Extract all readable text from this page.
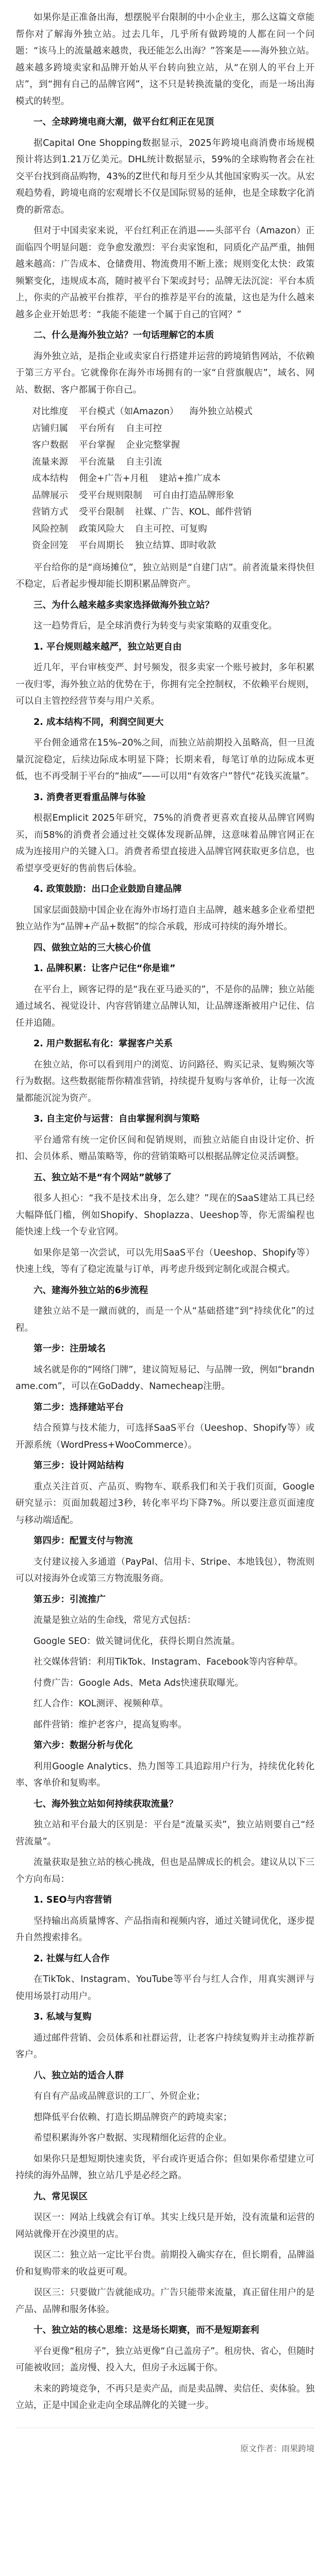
如果你是正准备出海，想摆脱平台限制的中小企业主，那么这篇文章能帮你对了解海外独立站。过去几年，几乎所有做跨境的人都在问一个问题：“该马上的流量越来越贵，我还能怎么出海？”答案是——海外独立站。越来越多跨境卖家和品牌开始从平台转向独立站，从“在别人的平台上开店”，到“拥有自己的品牌官网”，这不只是转换流量的变化，而是一场出海模式的转型。

一、全球跨境电商大潮，做平台红利正在见顶

据Capital One Shopping数据显示，2025年跨境电商消费市场规模预计将达到1.21万亿美元。DHL统计数据显示，59%的全球购物者会在社交平台找到商品购物，43%的Z世代和每月至少从其他国家购买一次。从宏观趋势看，跨境电商的宏观增长不仅是国际贸易的延伸，也是全球数字化消费的新常态。

但对于中国卖家来说，平台红利正在消退——头部平台（Amazon）正面临四个明显问题：竞争愈发激烈：平台卖家饱和，同质化产品严重，抽佣越来越高：广告成本、仓储费用、物流费用不断上涨；规则变化太快：政策频繁变化，违规成本高，随时被平台下架或封号；品牌无法沉淀：平台本质上，你卖的产品被平台推荐，平台的推荐是平台的流量，这也是为什么越来越多企业开始思考：“我能不能建一个属于自己的官网？”

二、什么是海外独立站？一句话理解它的本质

海外独立站，是指企业或卖家自行搭建并运营的跨境销售网站，不依赖于第三方平台。它就像你在海外市场拥有的一家“自营旗舰店”，域名、网站、数据、客户都属于你自己。

对比维度 平台模式（如Amazon） 海外独立站模式
店铺归属 平台所有 自主可控
客户数据 平台掌握 企业完整掌握
流量来源 平台流量 自主引流
成本结构 佣金+广告+月租 建站+推广成本
品牌展示 受平台规则限制 可自由打造品牌形象
营销方式 受平台限制 社媒、广告、KOL、邮件营销
风险控制 政策风险大 自主可控、可复购
资金回笼 平台周期长 独立结算、即时收款

平台给你的是“商场摊位”，独立站则是“自建门店”。前者流量来得快但不稳定，后者起步慢却能长期积累品牌资产。

三、为什么越来越多卖家选择做海外独立站？

这一趋势背后，是全球消费行为转变与卖家策略的双重变化。

1. 平台规则越来越严，独立站更自由

近几年，平台审核变严、封号频发，很多卖家一个账号被封，多年积累一夜归零，海外独立站的优势在于，你拥有完全控制权，不依赖平台规则，可以自主管控经营节奏与用户关系。

2. 成本结构不同，利润空间更大

平台佣金通常在15%–20%之间，而独立站前期投入虽略高，但一旦流量沉淀稳定，后续边际成本明显下降；长期来看，每笔订单的边际成本更低，也不再受制于平台的“抽成”——可以用“有效客户”替代“花钱买流量”。

3. 消费者更看重品牌与体验

根据Emplicit 2025年研究，75%的消费者更喜欢直接从品牌官网购买，而58%的消费者会通过社交媒体发现新品牌，这意味着品牌官网正在成为连接用户的关键入口。消费者希望直接进入品牌官网获取更多信息，也希望享受更好的售前售后体验。

4. 政策鼓励：出口企业鼓励自建品牌

国家层面鼓励中国企业在海外市场打造自主品牌，越来越多企业希望把独立站作为“品牌+产品+数据”的综合承载，形成可持续的海外增长。

四、做独立站的三大核心价值

1. 品牌积累：让客户记住“你是谁”

在平台上，顾客记得的是“我在亚马逊买的”，不是你的品牌；独立站能通过域名、视觉设计、内容营销建立品牌认知，让品牌逐渐被用户记住、信任并追随。

2. 用户数据私有化：掌握客户关系

在独立站，你可以看到用户的浏览、访问路径、购买记录、复购频次等行为数据。这些数据能帮你精准营销，持续提升复购与客单价，让每一次流量都能沉淀为资产。

3. 自主定价与运营：自由掌握利润与策略

平台通常有统一定价区间和促销规则，而独立站能自由设计定价、折扣、会员体系、赠品策略等，你的营销策略可以根据品牌定位灵活调整。

五、独立站不是“有个网站”就够了

很多人担心：“我不是技术出身，怎么建？”现在的SaaS建站工具已经大幅降低门槛，例如Shopify、Shoplazza、Ueeshop等，你无需编程也能快速上线一个专业官网。

如果你是第一次尝试，可以先用SaaS平台（Ueeshop、Shopify等）快速上线，等有了稳定流量与订单，再考虑升级到定制化或混合模式。

六、建海外独立站的6步流程

建独立站不是一蹴而就的，而是一个从“基础搭建”到“持续优化”的过程。

第一步：注册域名

域名就是你的“网络门牌”，建议简短易记、与品牌一致，例如“brandname.com”，可以在GoDaddy、Namecheap注册。

第二步：选择建站平台

结合预算与技术能力，可选择SaaS平台（Ueeshop、Shopify等）或开源系统（WordPress+WooCommerce）。

第三步：设计网站结构

重点关注首页、产品页、购物车、联系我们和关于我们页面，Google研究显示：页面加载超过3秒，转化率平均下降7%。所以要注意页面速度与移动端适配。

第四步：配置支付与物流

支付建议接入多通道（PayPal、信用卡、Stripe、本地钱包），物流则可以对接海外仓或第三方物流服务商。

第五步：引流推广

流量是独立站的生命线，常见方式包括：

Google SEO：做关键词优化，获得长期自然流量。

社交媒体营销：利用TikTok、Instagram、Facebook等内容种草。

付费广告：Google Ads、Meta Ads快速获取曝光。

红人合作：KOL测评、视频种草。

邮件营销：维护老客户，提高复购率。

第六步：数据分析与优化

利用Google Analytics、热力图等工具追踪用户行为，持续优化转化率、客单价和复购率。

七、海外独立站如何持续获取流量？

独立站和平台最大的区别是：平台是“流量买卖”，独立站则要自己“经营流量”。

流量获取是独立站的核心挑战，但也是品牌成长的机会。建议从以下三个方向布局：

1. SEO与内容营销

坚持输出高质量博客、产品指南和视频内容，通过关键词优化，逐步提升自然搜索排名。

2. 社媒与红人合作

在TikTok、Instagram、YouTube等平台与红人合作，用真实测评与使用场景打动用户。

3. 私域与复购

通过邮件营销、会员体系和社群运营，让老客户持续复购并主动推荐新客户。

八、独立站的适合人群

有自有产品或品牌意识的工厂、外贸企业；

想降低平台依赖、打造长期品牌资产的跨境卖家；

希望积累海外客户数据、实现精细化运营的企业。

如果你只是想短期快速卖货，平台或许更适合你；但如果你希望建立可持续的海外品牌，独立站几乎是必经之路。

九、常见误区

误区一：网站上线就会有订单。其实上线只是开始，没有流量和运营的网站就像开在沙漠里的店。

误区二：独立站一定比平台贵。前期投入确实存在，但长期看，品牌溢价和复购带来的收益更可观。

误区三：只要做广告就能成功。广告只能带来流量，真正留住用户的是产品、品牌和服务体验。

十、独立站的核心思维：这是场长期赛，而不是短期套利

平台更像“租房子”，独立站更像“自己盖房子”。租房快、省心，但随时可能被收回；盖房慢、投入大，但房子永远属于你。

未来的跨境竞争，不再只是卖产品，而是卖品牌、卖信任、卖体验。独立站，正是中国企业走向全球品牌化的关键一步。

原文作者：雨果跨境
